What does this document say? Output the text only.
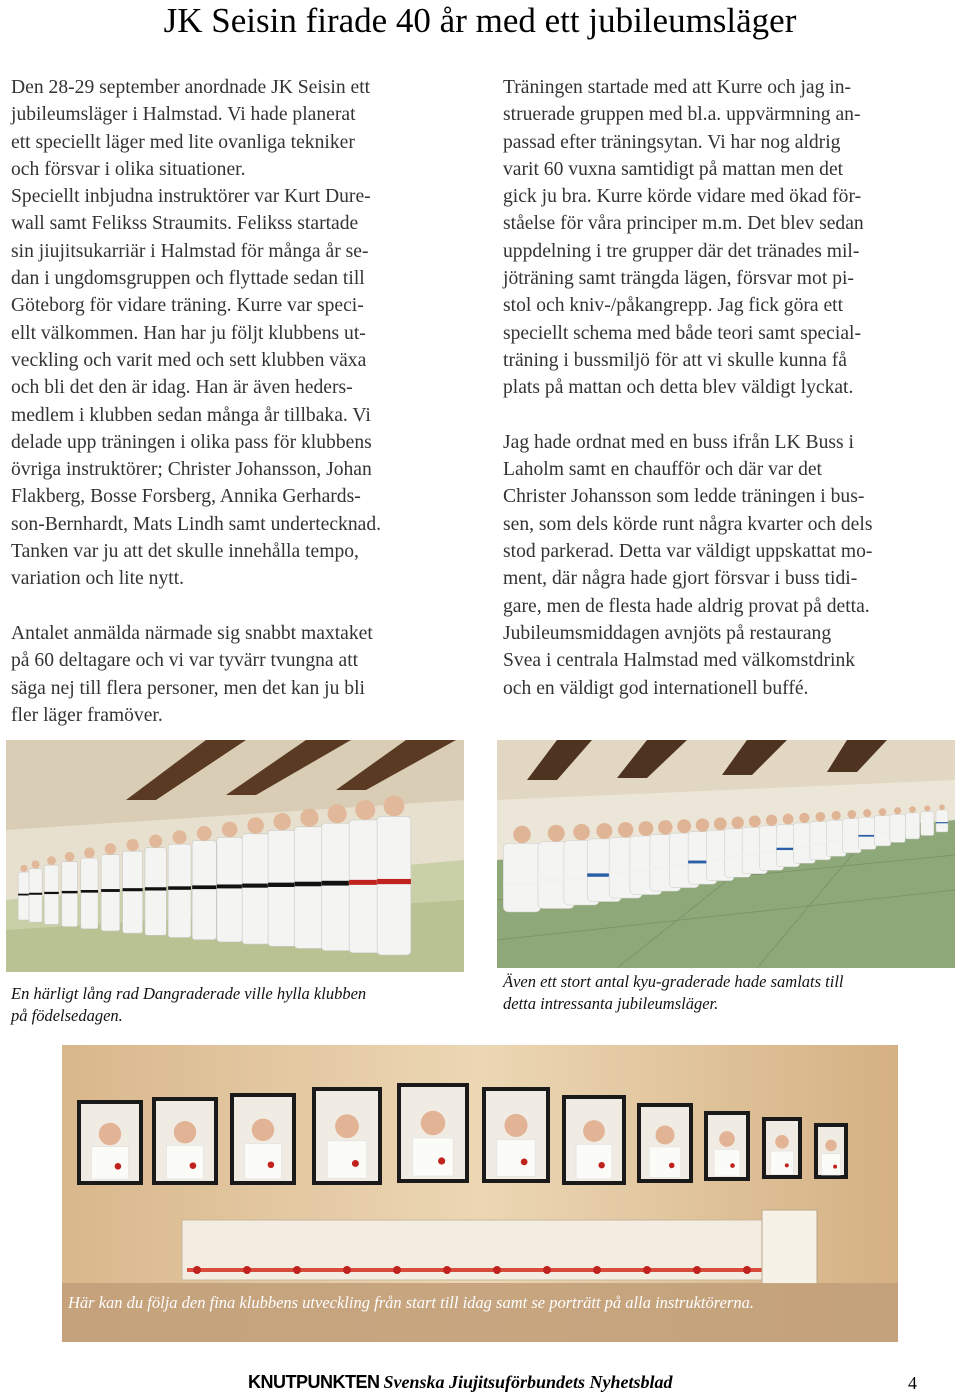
JK Seisin firade 40 år med ett jubileumsläger

Den 28-29 september anordnade JK Seisin ett

jubileumsläger i Halmstad. Vi hade planerat

ett speciellt läger med lite ovanliga tekniker

och försvar i olika situationer.

Speciellt inbjudna instruktörer var Kurt Dure-

wall samt Felikss Straumits. Felikss startade

sin jiujitsukarriär i Halmstad för många år se-

dan i ungdomsgruppen och flyttade sedan till

Göteborg för vidare träning. Kurre var speci-

ellt välkommen. Han har ju följt klubbens ut-

veckling och varit med och sett klubben växa

och bli det den är idag. Han är även heders-

medlem i klubben sedan många år tillbaka. Vi

delade upp träningen i olika pass för klubbens

övriga instruktörer; Christer Johansson, Johan

Flakberg, Bosse Forsberg, Annika Gerhards-

son-Bernhardt, Mats Lindh samt undertecknad.

Tanken var ju att det skulle innehålla tempo,

variation och lite nytt.

Antalet anmälda närmade sig snabbt maxtaket

på 60 deltagare och vi var tyvärr tvungna att

säga nej till flera personer, men det kan ju bli

fler läger framöver.

Träningen startade med att Kurre och jag in-

struerade gruppen med bl.a. uppvärmning an-

passad efter träningsytan. Vi har nog aldrig

varit 60 vuxna samtidigt på mattan men det

gick ju bra. Kurre körde vidare med ökad för-

ståelse för våra principer m.m. Det blev sedan

uppdelning i tre grupper där det tränades mil-

jöträning samt trängda lägen, försvar mot pi-

stol och kniv-/påkangrepp. Jag fick göra ett

speciellt schema med både teori samt special-

träning i bussmiljö för att vi skulle kunna få

plats på mattan och detta blev väldigt lyckat.

Jag hade ordnat med en buss ifrån LK Buss i

Laholm samt en chaufför och där var det

Christer Johansson som ledde träningen i bus-

sen, som dels körde runt några kvarter och dels

stod parkerad. Detta var väldigt uppskattat mo-

ment, där några hade gjort försvar i buss tidi-

gare, men de flesta hade aldrig provat på detta.

Jubileumsmiddagen avnjöts på restaurang

Svea i centrala Halmstad med välkomstdrink

och en väldigt god internationell buffé.

En härligt lång rad Dangraderade ville hylla klubben
på födelsedagen.
Även ett stort antal kyu-graderade hade samlats till
detta intressanta jubileumsläger.
Här kan du följa den fina klubbens utveckling från start till idag samt se porträtt på alla instruktörerna.
KNUTPUNKTEN Svenska Jiujitsuförbundets Nyhetsblad	4
